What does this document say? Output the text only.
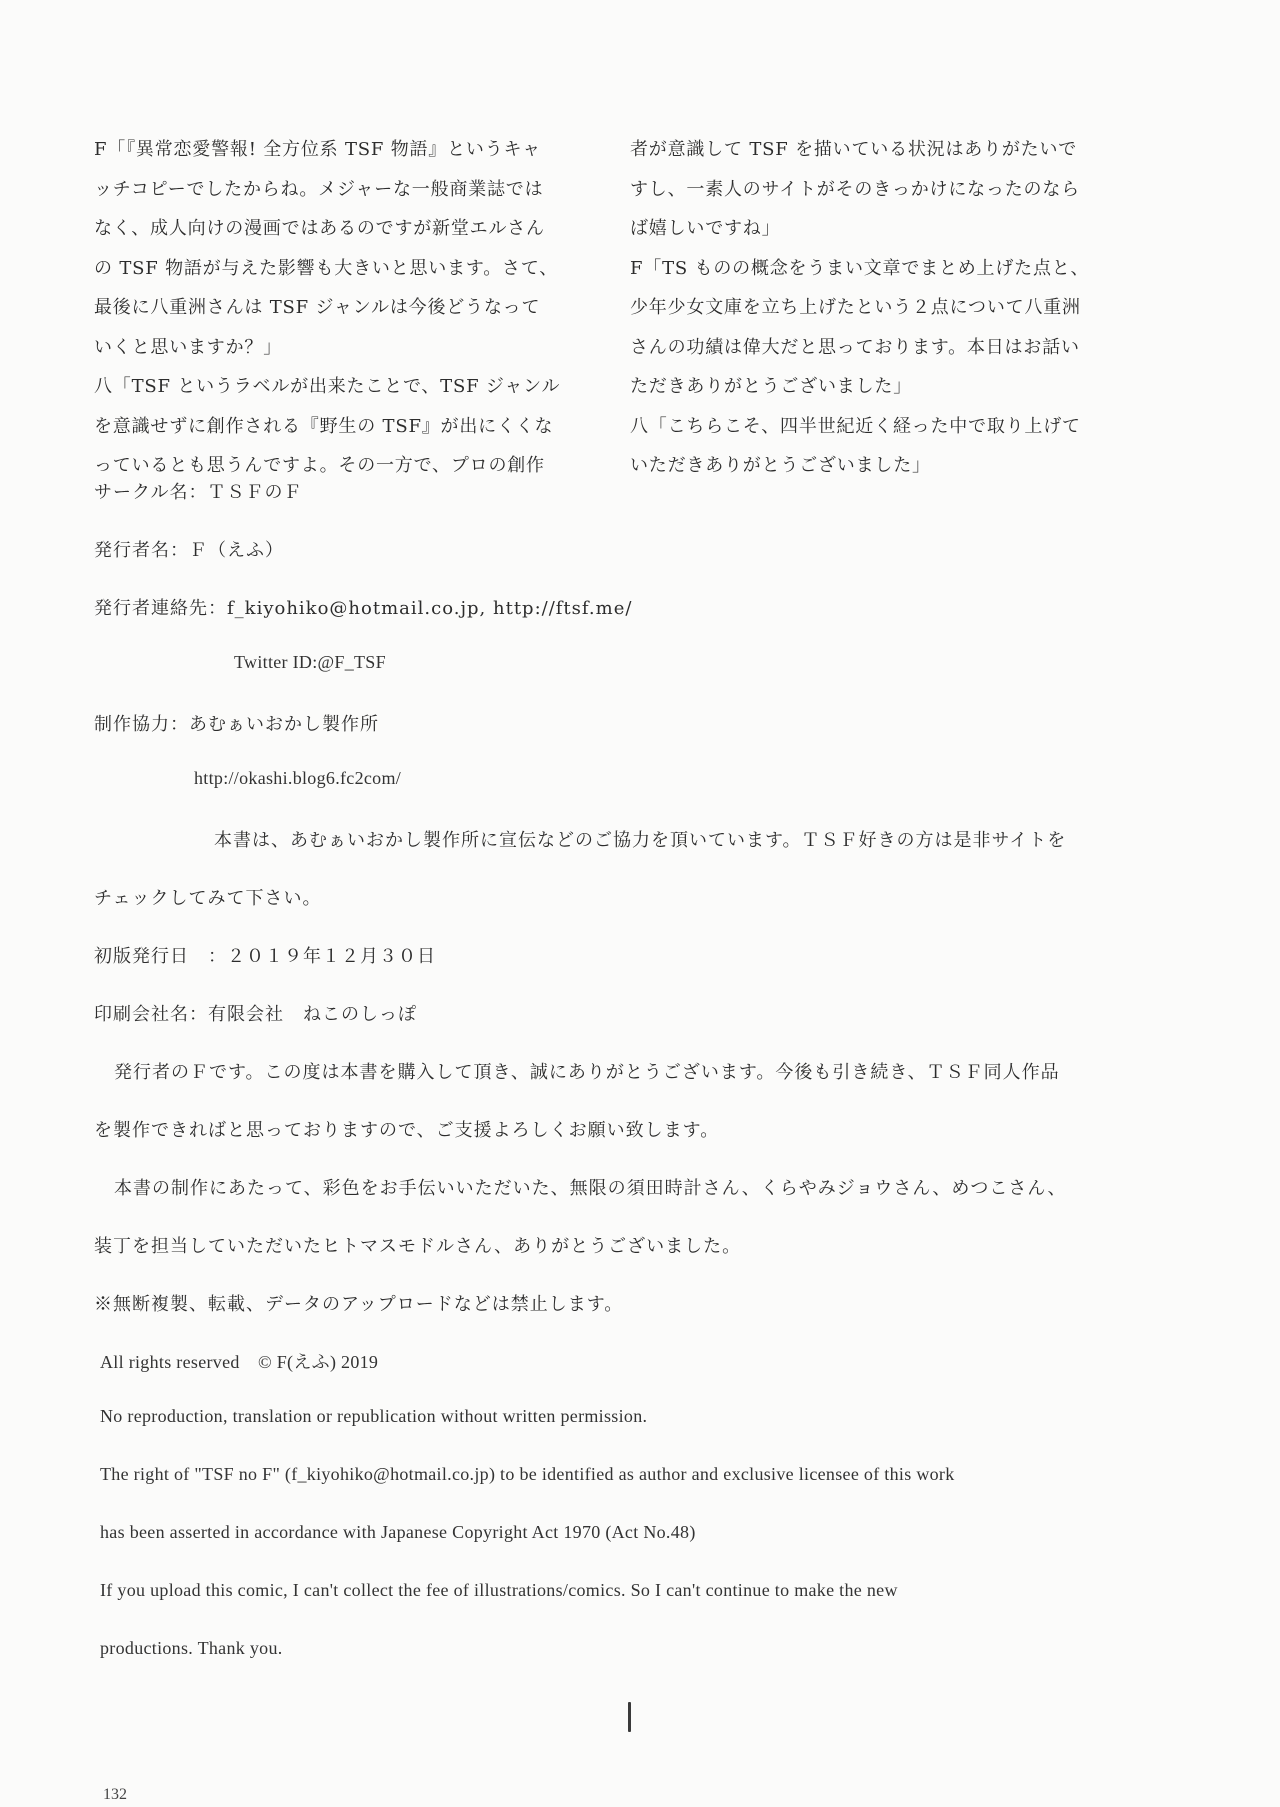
F「『異常恋愛警報! 全方位系 TSF 物語』というキャ

ッチコピーでしたからね。メジャーな一般商業誌では

なく、成人向けの漫画ではあるのですが新堂エルさん

の TSF 物語が与えた影響も大きいと思います。さて、

最後に八重洲さんは TSF ジャンルは今後どうなって

いくと思いますか？」

八「TSF というラベルが出来たことで、TSF ジャンル

を意識せずに創作される『野生の TSF』が出にくくな

っているとも思うんですよ。その一方で、プロの創作

者が意識して TSF を描いている状況はありがたいで

すし、一素人のサイトがそのきっかけになったのなら

ば嬉しいですね」

F「TS ものの概念をうまい文章でまとめ上げた点と、

少年少女文庫を立ち上げたという２点について八重洲

さんの功績は偉大だと思っております。本日はお話い

ただきありがとうございました」

八「こちらこそ、四半世紀近く経った中で取り上げて

いただきありがとうございました」

サークル名：ＴＳＦのＦ
発行者名：Ｆ（えふ）
発行者連絡先：f_kiyohiko@hotmail.co.jp, http://ftsf.me/
Twitter ID:@F_TSF
制作協力：あむぁいおかし製作所
http://okashi.blog6.fc2com/
本書は、あむぁいおかし製作所に宣伝などのご協力を頂いています。ＴＳＦ好きの方は是非サイトを
チェックしてみて下さい。
初版発行日　：２０１９年１２月３０日
印刷会社名：有限会社　ねこのしっぽ
発行者のＦです。この度は本書を購入して頂き、誠にありがとうございます。今後も引き続き、ＴＳＦ同人作品
を製作できればと思っておりますので、ご支援よろしくお願い致します。
本書の制作にあたって、彩色をお手伝いいただいた、無限の須田時計さん、くらやみジョウさん、めつこさん、
装丁を担当していただいたヒトマスモドルさん、ありがとうございました。
※無断複製、転載、データのアップロードなどは禁止します。
All rights reserved　© F(えふ) 2019
No reproduction, translation or republication without written permission.
The right of "TSF no F" (f_kiyohiko@hotmail.co.jp) to be identified as author and exclusive licensee of this work
has been asserted in accordance with Japanese Copyright Act 1970 (Act No.48)
If you upload this comic, I can't collect the fee of illustrations/comics. So I can't continue to make the new
productions. Thank you.
132
